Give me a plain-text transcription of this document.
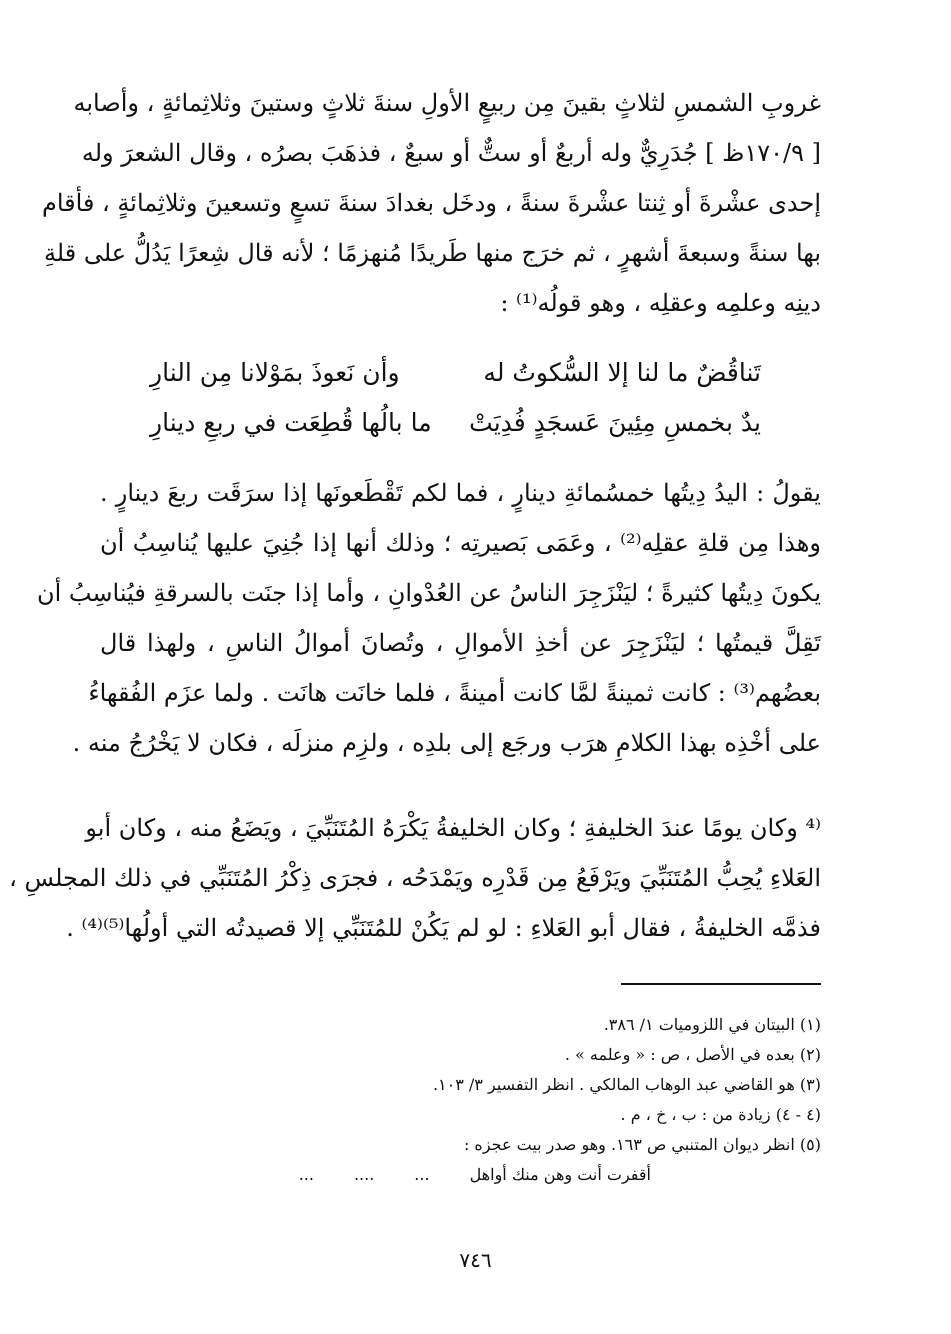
غروبِ الشمسِ لثلاثٍ بقينَ مِن ربيعٍ الأولِ سنةَ ثلاثٍ وستينَ وثلاثِمائةٍ ، وأصابه
[ ١٧٠/٩ظ ] جُدَرِيٌّ وله أربعٌ أو ستٌّ أو سبعٌ ، فذهَبَ بصرُه ، وقال الشعرَ وله
إحدى عشْرةَ أو ثِنتا عشْرةَ سنةً ، ودخَل بغدادَ سنةَ تسعٍ وتسعينَ وثلاثِمائةٍ ، فأقام
بها سنةً وسبعةَ أشهرٍ ، ثم خرَج منها طَريدًا مُنهزمًا ؛ لأنه قال شِعرًا يَدُلُّ على قلةِ
دينِه وعلمِه وعقلِه ، وهو قولُه⁽¹⁾ :
تَناقُضٌ ما لنا إلا السُّكوتُ له
وأن نَعوذَ بمَوْلانا مِن النارِ
يدٌ بخمسِ مِئِينَ عَسجَدٍ فُدِيَتْ
ما بالُها قُطِعَت في ربعِ دينارِ
يقولُ : اليدُ دِيتُها خمسُمائةِ دينارٍ ، فما لكم تَقْطَعونَها إذا سرَقَت ربعَ دينارٍ .
وهذا مِن قلةِ عقلِه⁽²⁾ ، وعَمَى بَصيرتِه ؛ وذلك أنها إذا جُنِيَ عليها يُناسِبُ أن
يكونَ دِيتُها كثيرةً ؛ ليَنْزَجِرَ الناسُ عن العُدْوانِ ، وأما إذا جنَت بالسرقةِ فيُناسِبُ أن
تَقِلَّ قيمتُها ؛ ليَنْزَجِرَ عن أخذِ الأموالِ ، وتُصانَ أموالُ الناسِ ، ولهذا قال
بعضُهم⁽³⁾ : كانت ثمينةً لمَّا كانت أمينةً ، فلما خانَت هانَت . ولما عزَم الفُقهاءُ
على أخْذِه بهذا الكلامِ هرَب ورجَع إلى بلدِه ، ولزِم منزلَه ، فكان لا يَخْرُجُ منه .
⁽⁴ وكان يومًا عندَ الخليفةِ ؛ وكان الخليفةُ يَكْرَهُ المُتَنَبِّيَ ، ويَضَعُ منه ، وكان أبو
العَلاءِ يُحِبُّ المُتَنَبِّيَ ويَرْفَعُ مِن قَدْرِه ويَمْدَحُه ، فجرَى ذِكْرُ المُتَنَبِّي في ذلك المجلسِ ،
فذمَّه الخليفةُ ، فقال أبو العَلاءِ : لو لم يَكُنْ للمُتَنَبِّي إلا قصيدتُه التي أولُها⁽⁵⁾⁽⁴⁾ .
(١) البيتان في اللزوميات ١/ ٣٨٦.
(٢) بعده في الأصل ، ص : « وعلمه » .
(٣) هو القاضي عبد الوهاب المالكي . انظر التفسير ٣/ ١٠٣.
(٤ - ٤) زيادة من : ب ، خ ، م .
(٥) انظر ديوان المتنبي ص ١٦٣. وهو صدر بيت عجزه :
أقفرت أنت وهن منك أواهل
...
....
...
٧٤٦
